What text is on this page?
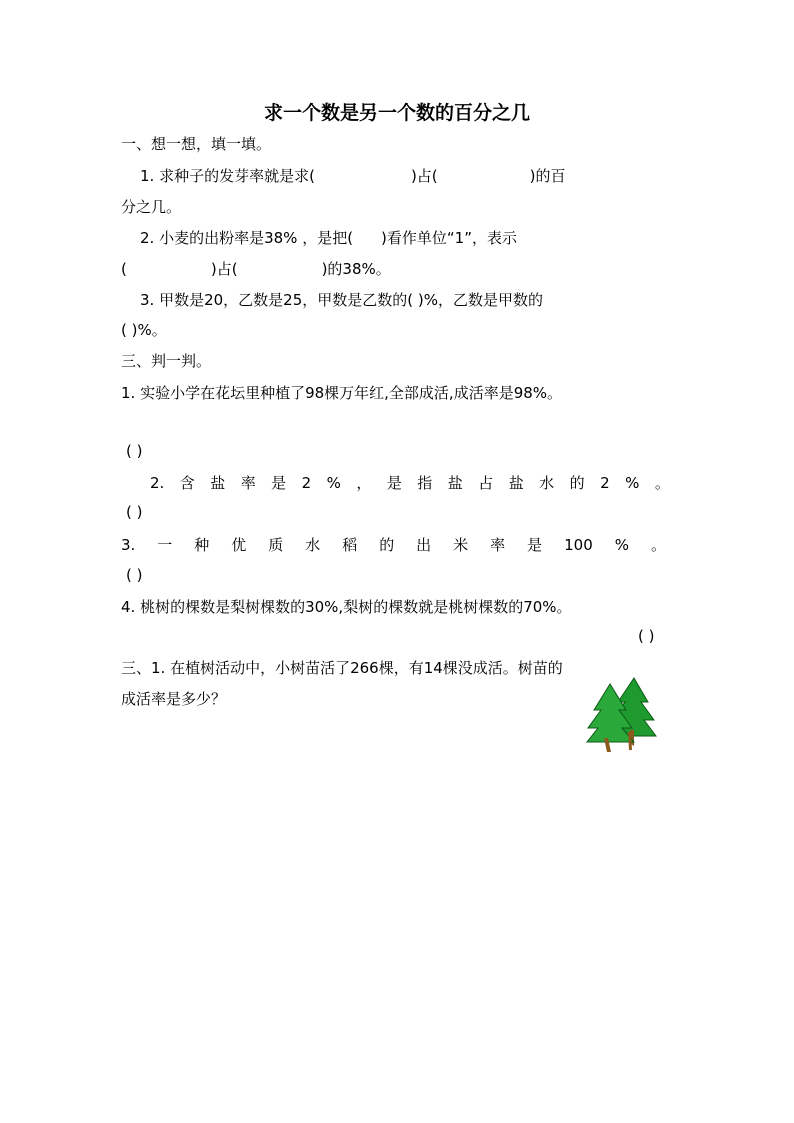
求一个数是另一个数的百分之几
一、想一想，填一填。
1. 求种子的发芽率就是求(	)占(	)的百
分之几。
2. 小麦的出粉率是38% ，是把( )看作单位“1”，表示
(	)占(	)的38%。
3. 甲数是20，乙数是25，甲数是乙数的( )%，乙数是甲数的
( )%。
三、判一判。
1. 实验小学在花坛里种植了98棵万年红,全部成活,成活率是98%。
( )
2. 含 盐 率 是 2 % ， 是 指 盐 占 盐 水 的 2 % 。
( )
3. 一 种 优 质 水 稻 的 出 米 率 是 100 % 。
( )
4. 桃树的棵数是梨树棵数的30%,梨树的棵数就是桃树棵数的70%。
( )
三、1. 在植树活动中，小树苗活了266棵，有14棵没成活。树苗的
成活率是多少？
